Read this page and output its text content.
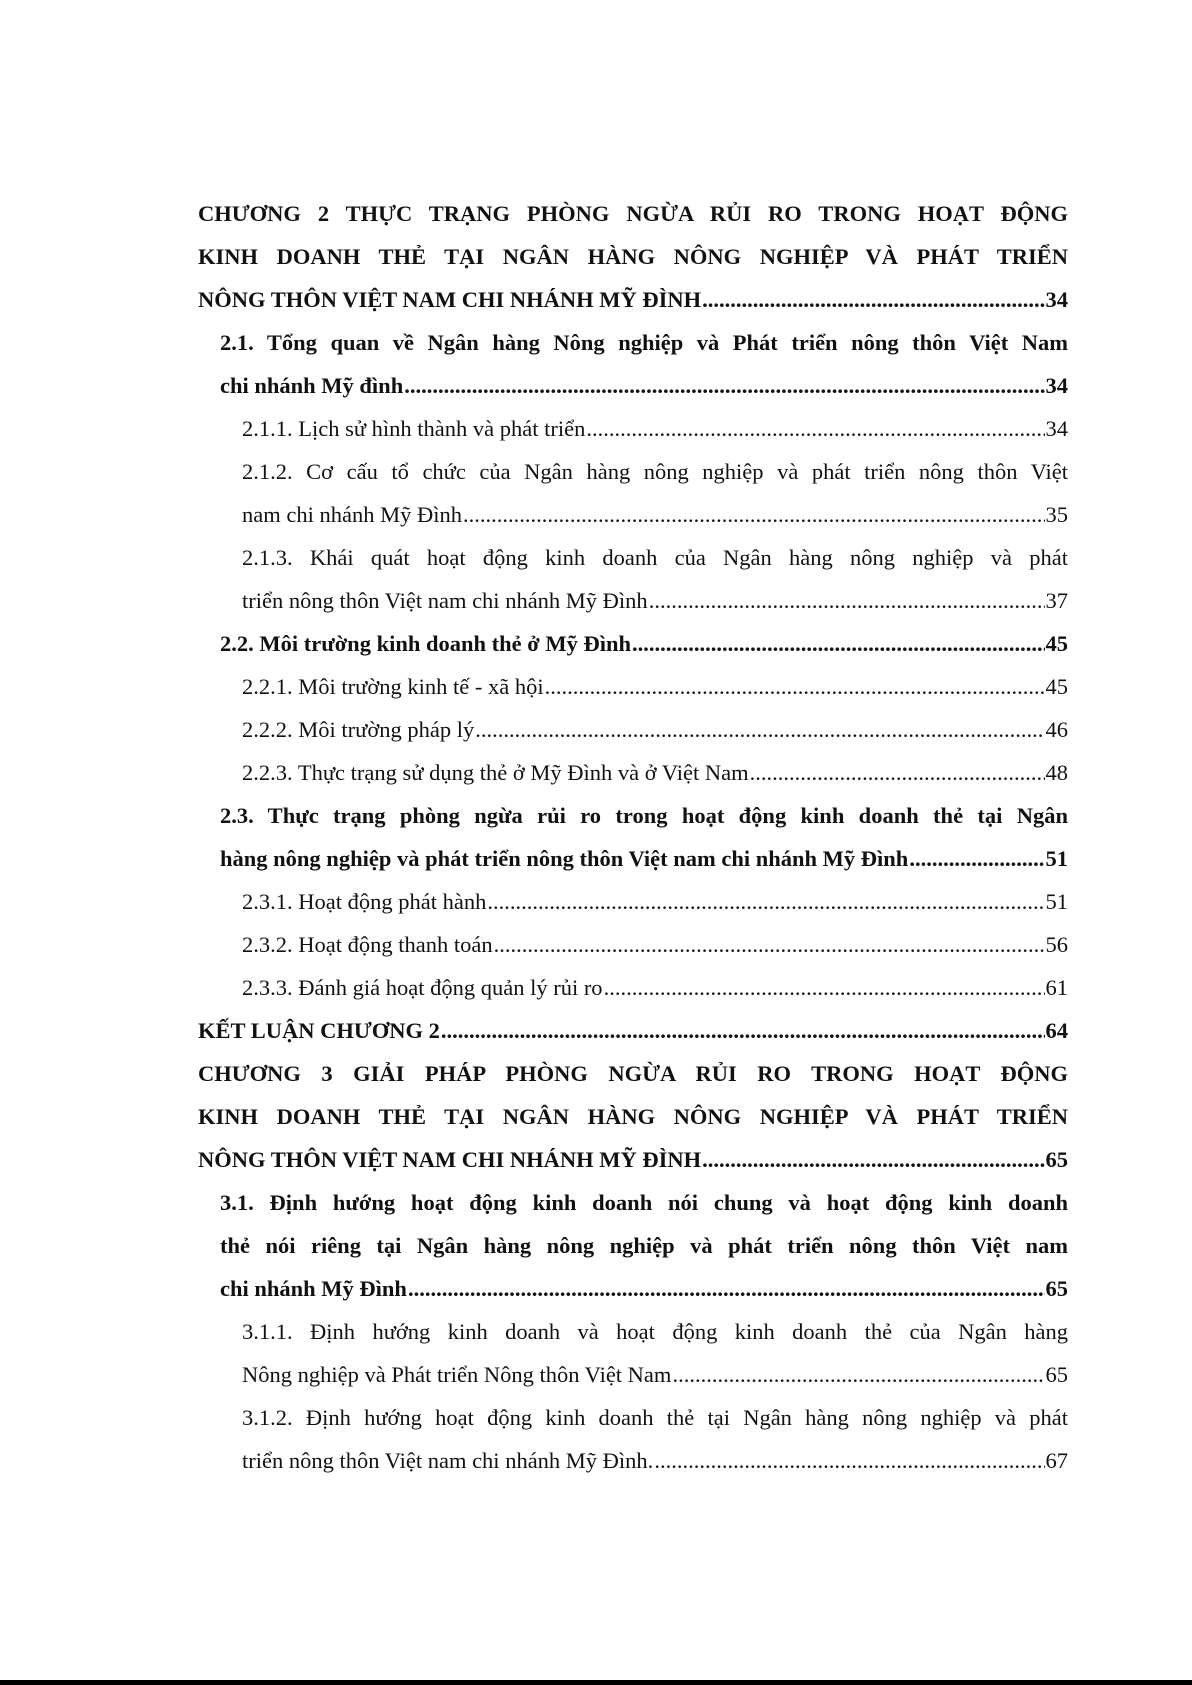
CHƯƠNG 2 THỰC TRẠNG PHÒNG NGỪA RỦI RO TRONG HOẠT ĐỘNG
KINH DOANH THẺ TẠI NGÂN HÀNG NÔNG NGHIỆP VÀ PHÁT TRIỂN
NÔNG THÔN VIỆT NAM CHI NHÁNH MỸ ĐÌNH .....	34
2.1. Tổng quan về Ngân hàng Nông nghiệp và Phát triển nông thôn Việt Nam
chi nhánh Mỹ đình .....	34
2.1.1. Lịch sử hình thành và phát triển .....	34
2.1.2. Cơ cấu tổ chức của Ngân hàng nông nghiệp và phát triển nông thôn Việt
nam chi nhánh Mỹ Đình .....	35
2.1.3. Khái quát hoạt động kinh doanh của Ngân hàng nông nghiệp và phát
triển nông thôn Việt nam chi nhánh Mỹ Đình .....	37
2.2. Môi trường kinh doanh thẻ ở Mỹ Đình .....	45
2.2.1. Môi trường kinh tế - xã hội .....	45
2.2.2. Môi trường pháp lý .....	46
2.2.3. Thực trạng sử dụng thẻ ở Mỹ Đình và ở Việt Nam .....	48
2.3. Thực trạng phòng ngừa rủi ro trong hoạt động kinh doanh thẻ tại Ngân
hàng nông nghiệp và phát triển nông thôn Việt nam chi nhánh Mỹ Đình .....	51
2.3.1. Hoạt động phát hành .....	51
2.3.2. Hoạt động thanh toán .....	56
2.3.3. Đánh giá hoạt động quản lý rủi ro .....	61
KẾT LUẬN CHƯƠNG 2 .....	64
CHƯƠNG 3 GIẢI PHÁP PHÒNG NGỪA RỦI RO TRONG HOẠT ĐỘNG
KINH DOANH THẺ TẠI NGÂN HÀNG NÔNG NGHIỆP VÀ PHÁT TRIỂN
NÔNG THÔN VIỆT NAM CHI NHÁNH MỸ ĐÌNH .....	65
3.1. Định hướng hoạt động kinh doanh nói chung và hoạt động kinh doanh
thẻ nói riêng tại Ngân hàng nông nghiệp và phát triển nông thôn Việt nam
chi nhánh Mỹ Đình .....	65
3.1.1. Định hướng kinh doanh và hoạt động kinh doanh thẻ của Ngân hàng
Nông nghiệp và Phát triển Nông thôn Việt Nam .....	65
3.1.2. Định hướng hoạt động kinh doanh thẻ tại Ngân hàng nông nghiệp và phát
triển nông thôn Việt nam chi nhánh Mỹ Đình. .....	67
